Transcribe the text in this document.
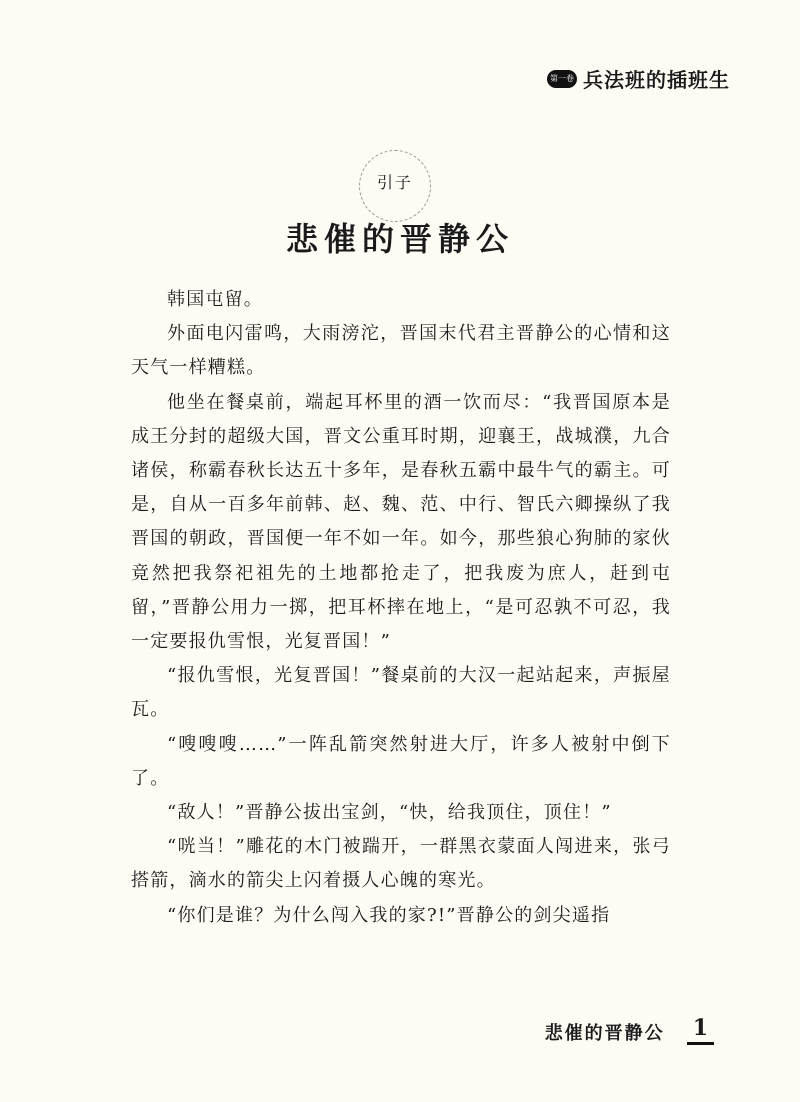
第一卷 兵法班的插班生
引子
悲催的晋静公

韩国屯留。

外面电闪雷鸣，大雨滂沱，晋国末代君主晋静公的心情和这天气一样糟糕。

他坐在餐桌前，端起耳杯里的酒一饮而尽：“我晋国原本是成王分封的超级大国，晋文公重耳时期，迎襄王，战城濮，九合诸侯，称霸春秋长达五十多年，是春秋五霸中最牛气的霸主。可是，自从一百多年前韩、赵、魏、范、中行、智氏六卿操纵了我晋国的朝政，晋国便一年不如一年。如今，那些狼心狗肺的家伙竟然把我祭祀祖先的土地都抢走了，把我废为庶人，赶到屯留，”晋静公用力一掷，把耳杯摔在地上，“是可忍孰不可忍，我一定要报仇雪恨，光复晋国！”

“报仇雪恨，光复晋国！”餐桌前的大汉一起站起来，声振屋瓦。

“嗖嗖嗖……”一阵乱箭突然射进大厅，许多人被射中倒下了。

“敌人！”晋静公拔出宝剑，“快，给我顶住，顶住！”

“咣当！”雕花的木门被踹开，一群黑衣蒙面人闯进来，张弓搭箭，滴水的箭尖上闪着摄人心魄的寒光。

“你们是谁？为什么闯入我的家?!”晋静公的剑尖遥指

悲催的晋静公 1
